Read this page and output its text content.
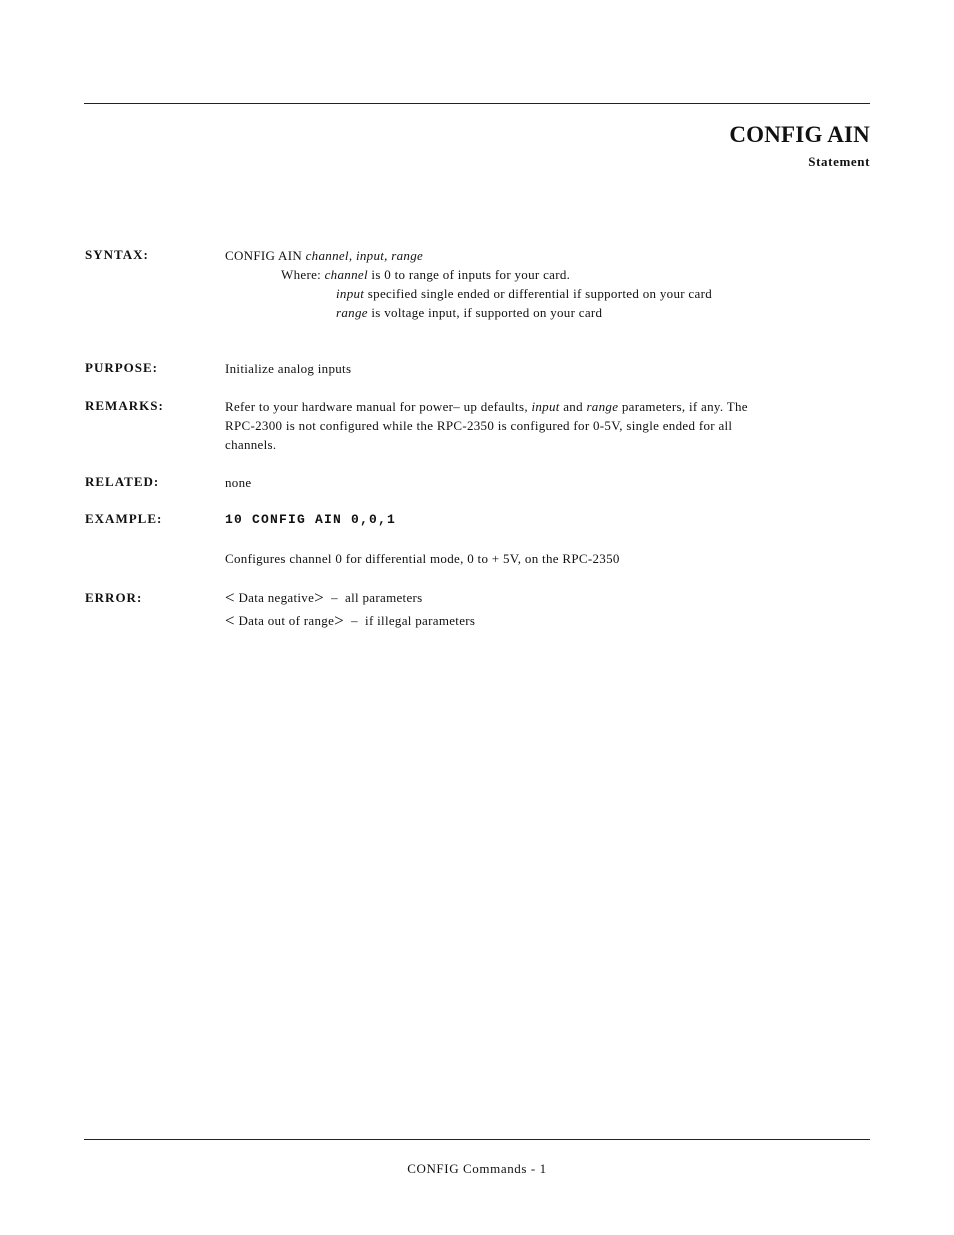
CONFIG AIN
Statement
SYNTAX:	CONFIG AIN channel, input, range
Where: channel is 0 to range of inputs for your card.
input specified single ended or differential if supported on your card
range is voltage input, if supported on your card
PURPOSE:	Initialize analog inputs
REMARKS:	Refer to your hardware manual for power– up defaults, input and range parameters, if any. The
RPC-2300 is not configured while the RPC-2350 is configured for 0-5V, single ended for all
channels.
RELATED:	none
EXAMPLE:	10 CONFIG AIN 0,0,1
Configures channel 0 for differential mode, 0 to + 5V, on the RPC-2350
ERROR:	< Data negative>  –  all parameters
< Data out of range>  –  if illegal parameters
CONFIG Commands - 1
